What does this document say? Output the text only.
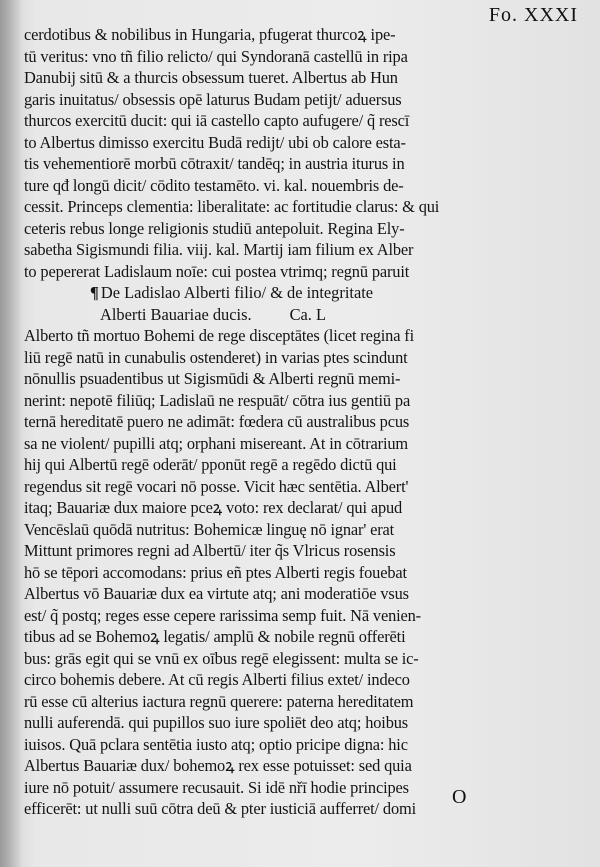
Fo. XXXI
cerdotibus & nobilibus in Hungaria, pfugerat thurcoꝝ ipe-
tū veritus: vno tñ filio relicto/ qui Syndoranā castellū in ripa
Danubij sitū & a thurcis obsessum tueret. Albertus ab Hun
garis inuitatus/ obsessis opē laturus Budam petijt/ aduersus
thurcos exercitū ducit: qui iā castello capto aufugere/ q̃ rescī
to Albertus dimisso exercitu Budā redijt/ ubi ob calore esta-
tis vehementiorē morbū cōtraxit/ tandēq; in austria iturus in
ture qđ longū dicit/ cōdito testamēto. vi. kal. nouembris de-
cessit. Princeps clementia: liberalitate: ac fortitudie clarus: & qui
ceteris rebus longe religionis studiū antepoluit. Regina Ely-
sabetha Sigismundi filia. viij. kal. Martij iam filium ex Alber
to pepererat Ladislaum noīe: cui postea vtrimq; regnū paruit
¶ De Ladislao Alberti filio/ & de integritate
Alberti Bauariae ducis. Ca. L
Alberto tñ mortuo Bohemi de rege disceptātes (licet regina fi
liū regē natū in cunabulis ostenderet) in varias ptes scindunt
nōnullis psuadentibus ut Sigismūdi & Alberti regnū memi-
nerint: nepotē filiūq; Ladislaū ne respuāt/ cōtra ius gentiū pa
ternā hereditatē puero ne adimāt: fœdera cū australibus pcus
sa ne violent/ pupilli atq; orphani misereant. At in cōtrarium
hij qui Albertū regē oderāt/ pponūt regē a regēdo dictū qui
regendus sit regē vocari nō posse. Vicit hæc sentētia. Albert'
itaq; Bauariæ dux maiore pceꝝ voto: rex declarat/ qui apud
Vencēslaū quōdā nutritus: Bohemicæ linguę nō ignar' erat
Mittunt primores regni ad Albertū/ iter q̃s Vlricus rosensis
hō se tēpori accomodans: prius eñ ptes Alberti regis fouebat
Albertus vō Bauariæ dux ea virtute atq; ani moderatiōe vsus
est/ q̃ postq; reges esse cepere rarissima semp fuit. Nā venien-
tibus ad se Bohemoꝝ legatis/ amplū & nobile regnū offerēti
bus: grās egit qui se vnū ex oībus regē elegissent: multa se ic-
circo bohemis debere. At cū regis Alberti filius extet/ indeco
rū esse cū alterius iactura regnū querere: paterna hereditatem
nulli auferendā. qui pupillos suo iure spoliēt deo atq; hoibus
iuisos. Quā pclara sentētia iusto atq; optio pricipe digna: hic
Albertus Bauariæ dux/ bohemoꝝ rex esse potuisset: sed quia
iure nō potuit/ assumere recusauit. Si idē nřī hodie principes
efficerēt: ut nulli suū cōtra deū & pter iusticiā aufferret/ domi
O
